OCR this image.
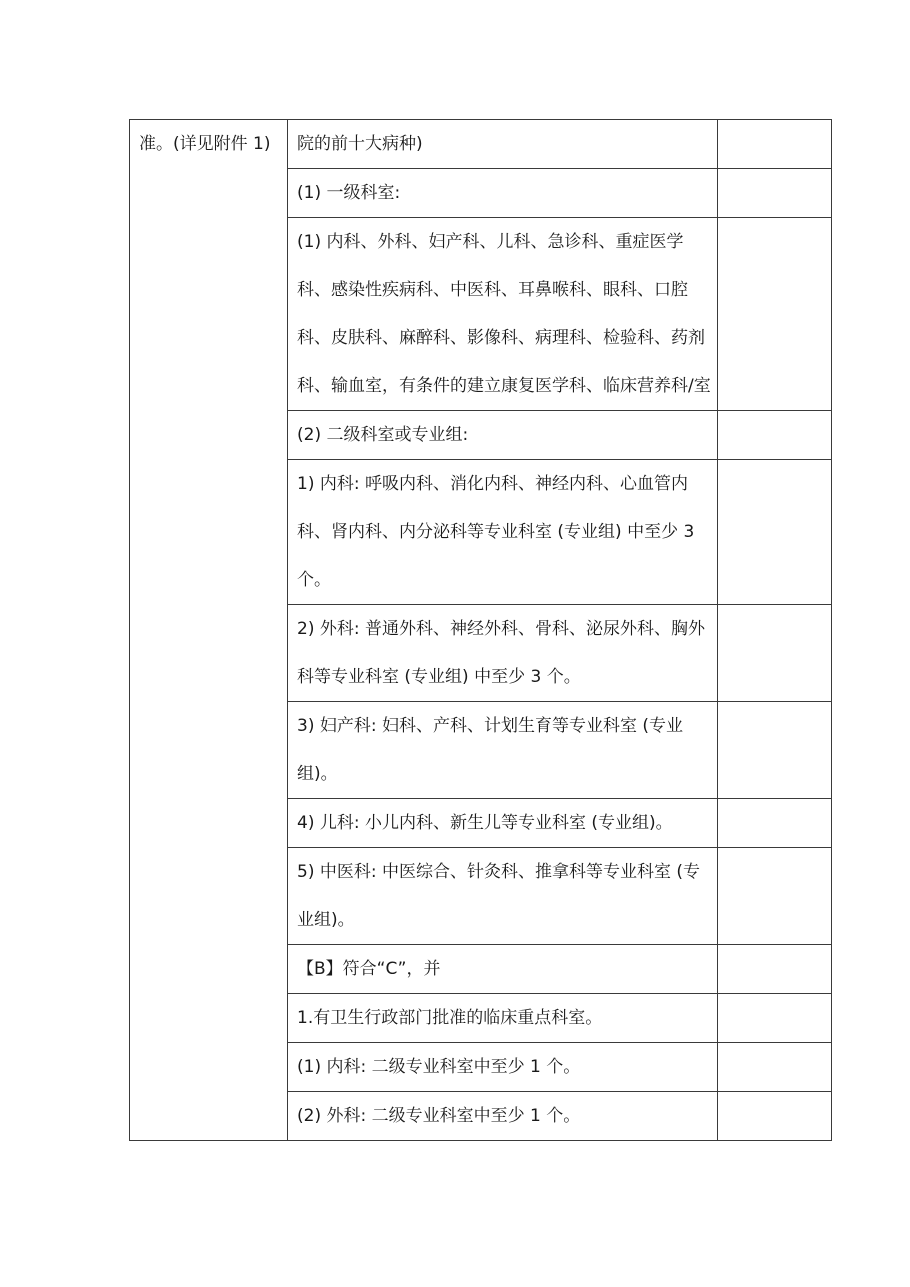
准。(详见附件 1)	院的前十大病种)	

	(1) 一级科室:	

	(1) 内科、外科、妇产科、儿科、急诊科、重症医学科、感染性疾病科、中医科、耳鼻喉科、眼科、口腔科、皮肤科、麻醉科、影像科、病理科、检验科、药剂科、输血室，有条件的建立康复医学科、临床营养科/室	

	(2) 二级科室或专业组:	

	1) 内科: 呼吸内科、消化内科、神经内科、心血管内科、肾内科、内分泌科等专业科室 (专业组) 中至少 3 个。	

	2) 外科: 普通外科、神经外科、骨科、泌尿外科、胸外科等专业科室 (专业组) 中至少 3 个。	

	3) 妇产科: 妇科、产科、计划生育等专业科室 (专业组)。	

	4) 儿科: 小儿内科、新生儿等专业科室 (专业组)。	

	5) 中医科: 中医综合、针灸科、推拿科等专业科室 (专业组)。	

	【B】符合“C”，并	

	1.有卫生行政部门批准的临床重点科室。	

	(1) 内科: 二级专业科室中至少 1 个。	

	(2) 外科: 二级专业科室中至少 1 个。	
